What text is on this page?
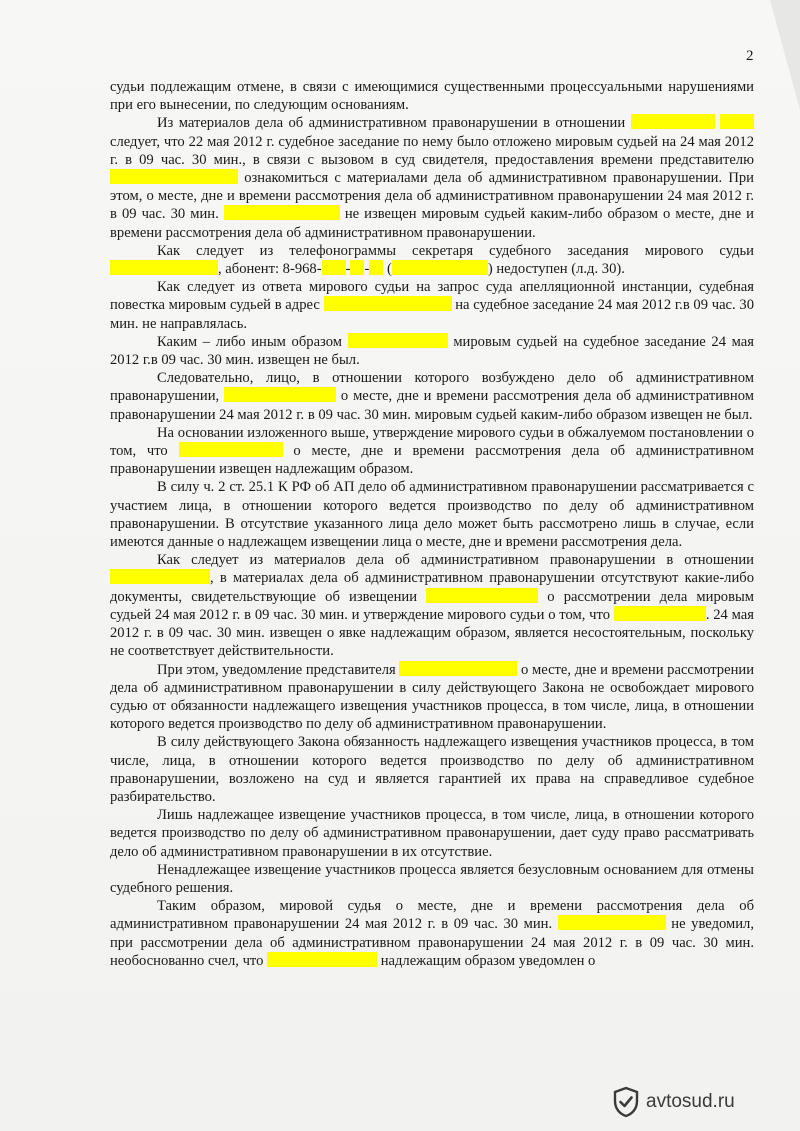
2

судьи подлежащим отмене, в связи с имеющимися существенными процессуальными нарушениями при его вынесении, по следующим основаниям.

Из материалов дела об административном правонарушении в отношении   следует, что 22 мая 2012 г. судебное заседание по нему было отложено мировым судьей на 24 мая 2012 г. в 09 час. 30 мин., в связи с вызовом в суд свидетеля, предоставления времени представителю  ознакомиться с материалами дела об административном правонарушении. При этом, о месте, дне и времени рассмотрения дела об административном правонарушении 24 мая 2012 г. в 09 час. 30 мин.	не извещен мировым судьей каким-либо образом о месте, дне и времени рассмотрения дела об административном правонарушении.

Как следует из телефонограммы секретаря судебного заседания мирового судьи , абонент: 8-968- - - (	) недоступен (л.д. 30).

Как следует из ответа мирового судьи на запрос суда апелляционной инстанции, судебная повестка мировым судьей в адрес	на судебное заседание 24 мая 2012 г.в 09 час. 30 мин. не направлялась.

Каким – либо иным образом	мировым судьей на судебное заседание 24 мая 2012 г.в 09 час. 30 мин. извещен не был.

Следовательно, лицо, в отношении которого возбуждено дело об административном правонарушении,	о месте, дне и времени рассмотрения дела об административном правонарушении 24 мая 2012 г. в 09 час. 30 мин. мировым судьей каким-либо образом извещен не был.

На основании изложенного выше, утверждение мирового судьи в обжалуемом постановлении о том, что	о месте, дне и времени рассмотрения дела об административном правонарушении извещен надлежащим образом.

В силу ч. 2 ст. 25.1 К РФ об АП дело об административном правонарушении рассматривается с участием лица, в отношении которого ведется производство по делу об административном правонарушении. В отсутствие указанного лица дело может быть рассмотрено лишь в случае, если имеются данные о надлежащем извещении лица о месте, дне и времени рассмотрения дела.

Как следует из материалов дела об административном правонарушении в отношении , в материалах дела об административном правонарушении отсутствуют какие-либо документы, свидетельствующие об извещении	о рассмотрении дела мировым судьей 24 мая 2012 г. в 09 час. 30 мин. и утверждение мирового судьи о том, что	. 24 мая 2012 г. в 09 час. 30 мин. извещен о явке надлежащим образом, является несостоятельным, поскольку не соответствует действительности.

При этом, уведомление представителя	о месте, дне и времени рассмотрении дела об административном правонарушении в силу действующего Закона не освобождает мирового судью от обязанности надлежащего извещения участников процесса, в том числе, лица, в отношении которого ведется производство по делу об административном правонарушении.

В силу действующего Закона обязанность надлежащего извещения участников процесса, в том числе, лица, в отношении которого ведется производство по делу об административном правонарушении, возложено на суд и является гарантией их права на справедливое судебное разбирательство.

Лишь надлежащее извещение участников процесса, в том числе, лица, в отношении которого ведется производство по делу об административном правонарушении, дает суду право рассматривать дело об административном правонарушении в их отсутствие.

Ненадлежащее извещение участников процесса является безусловным основанием для отмены судебного решения.

Таким образом, мировой судья о месте, дне и времени рассмотрения дела об административном правонарушении 24 мая 2012 г. в 09 час. 30 мин.	не уведомил, при рассмотрении дела об административном правонарушении 24 мая 2012 г. в 09 час. 30 мин. необоснованно счел, что	надлежащим образом уведомлен о

avtosud.ru
